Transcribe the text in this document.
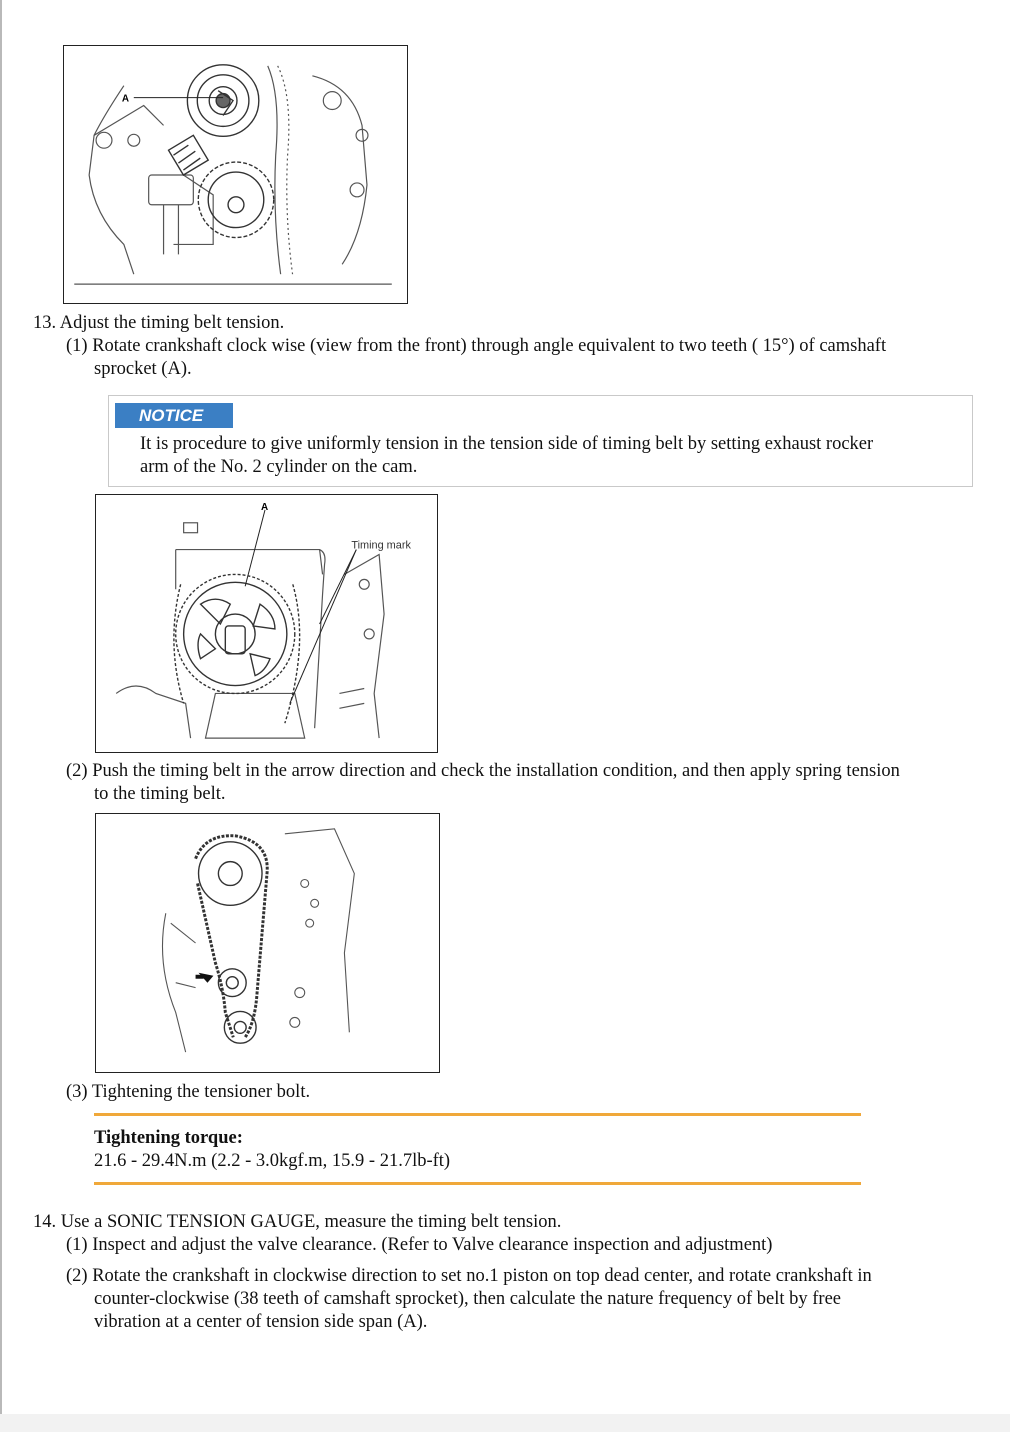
A
13. Adjust the timing belt tension.
(1) Rotate crankshaft clock wise (view from the front) through angle equivalent to two teeth ( 15°) of camshaft
sprocket (A).
NOTICE
It is procedure to give uniformly tension in the tension side of timing belt by setting exhaust rocker
arm of the No. 2 cylinder on the cam.
A
Timing mark
(2) Push the timing belt in the arrow direction and check the installation condition, and then apply spring tension
to the timing belt.
(3) Tightening the tensioner bolt.
Tightening torque:
21.6 - 29.4N.m (2.2 - 3.0kgf.m, 15.9 - 21.7lb-ft)
14. Use a SONIC TENSION GAUGE, measure the timing belt tension.
(1) Inspect and adjust the valve clearance. (Refer to Valve clearance inspection and adjustment)
(2) Rotate the crankshaft in clockwise direction to set no.1 piston on top dead center, and rotate crankshaft in
counter-clockwise (38 teeth of camshaft sprocket), then calculate the nature frequency of belt by free
vibration at a center of tension side span (A).
